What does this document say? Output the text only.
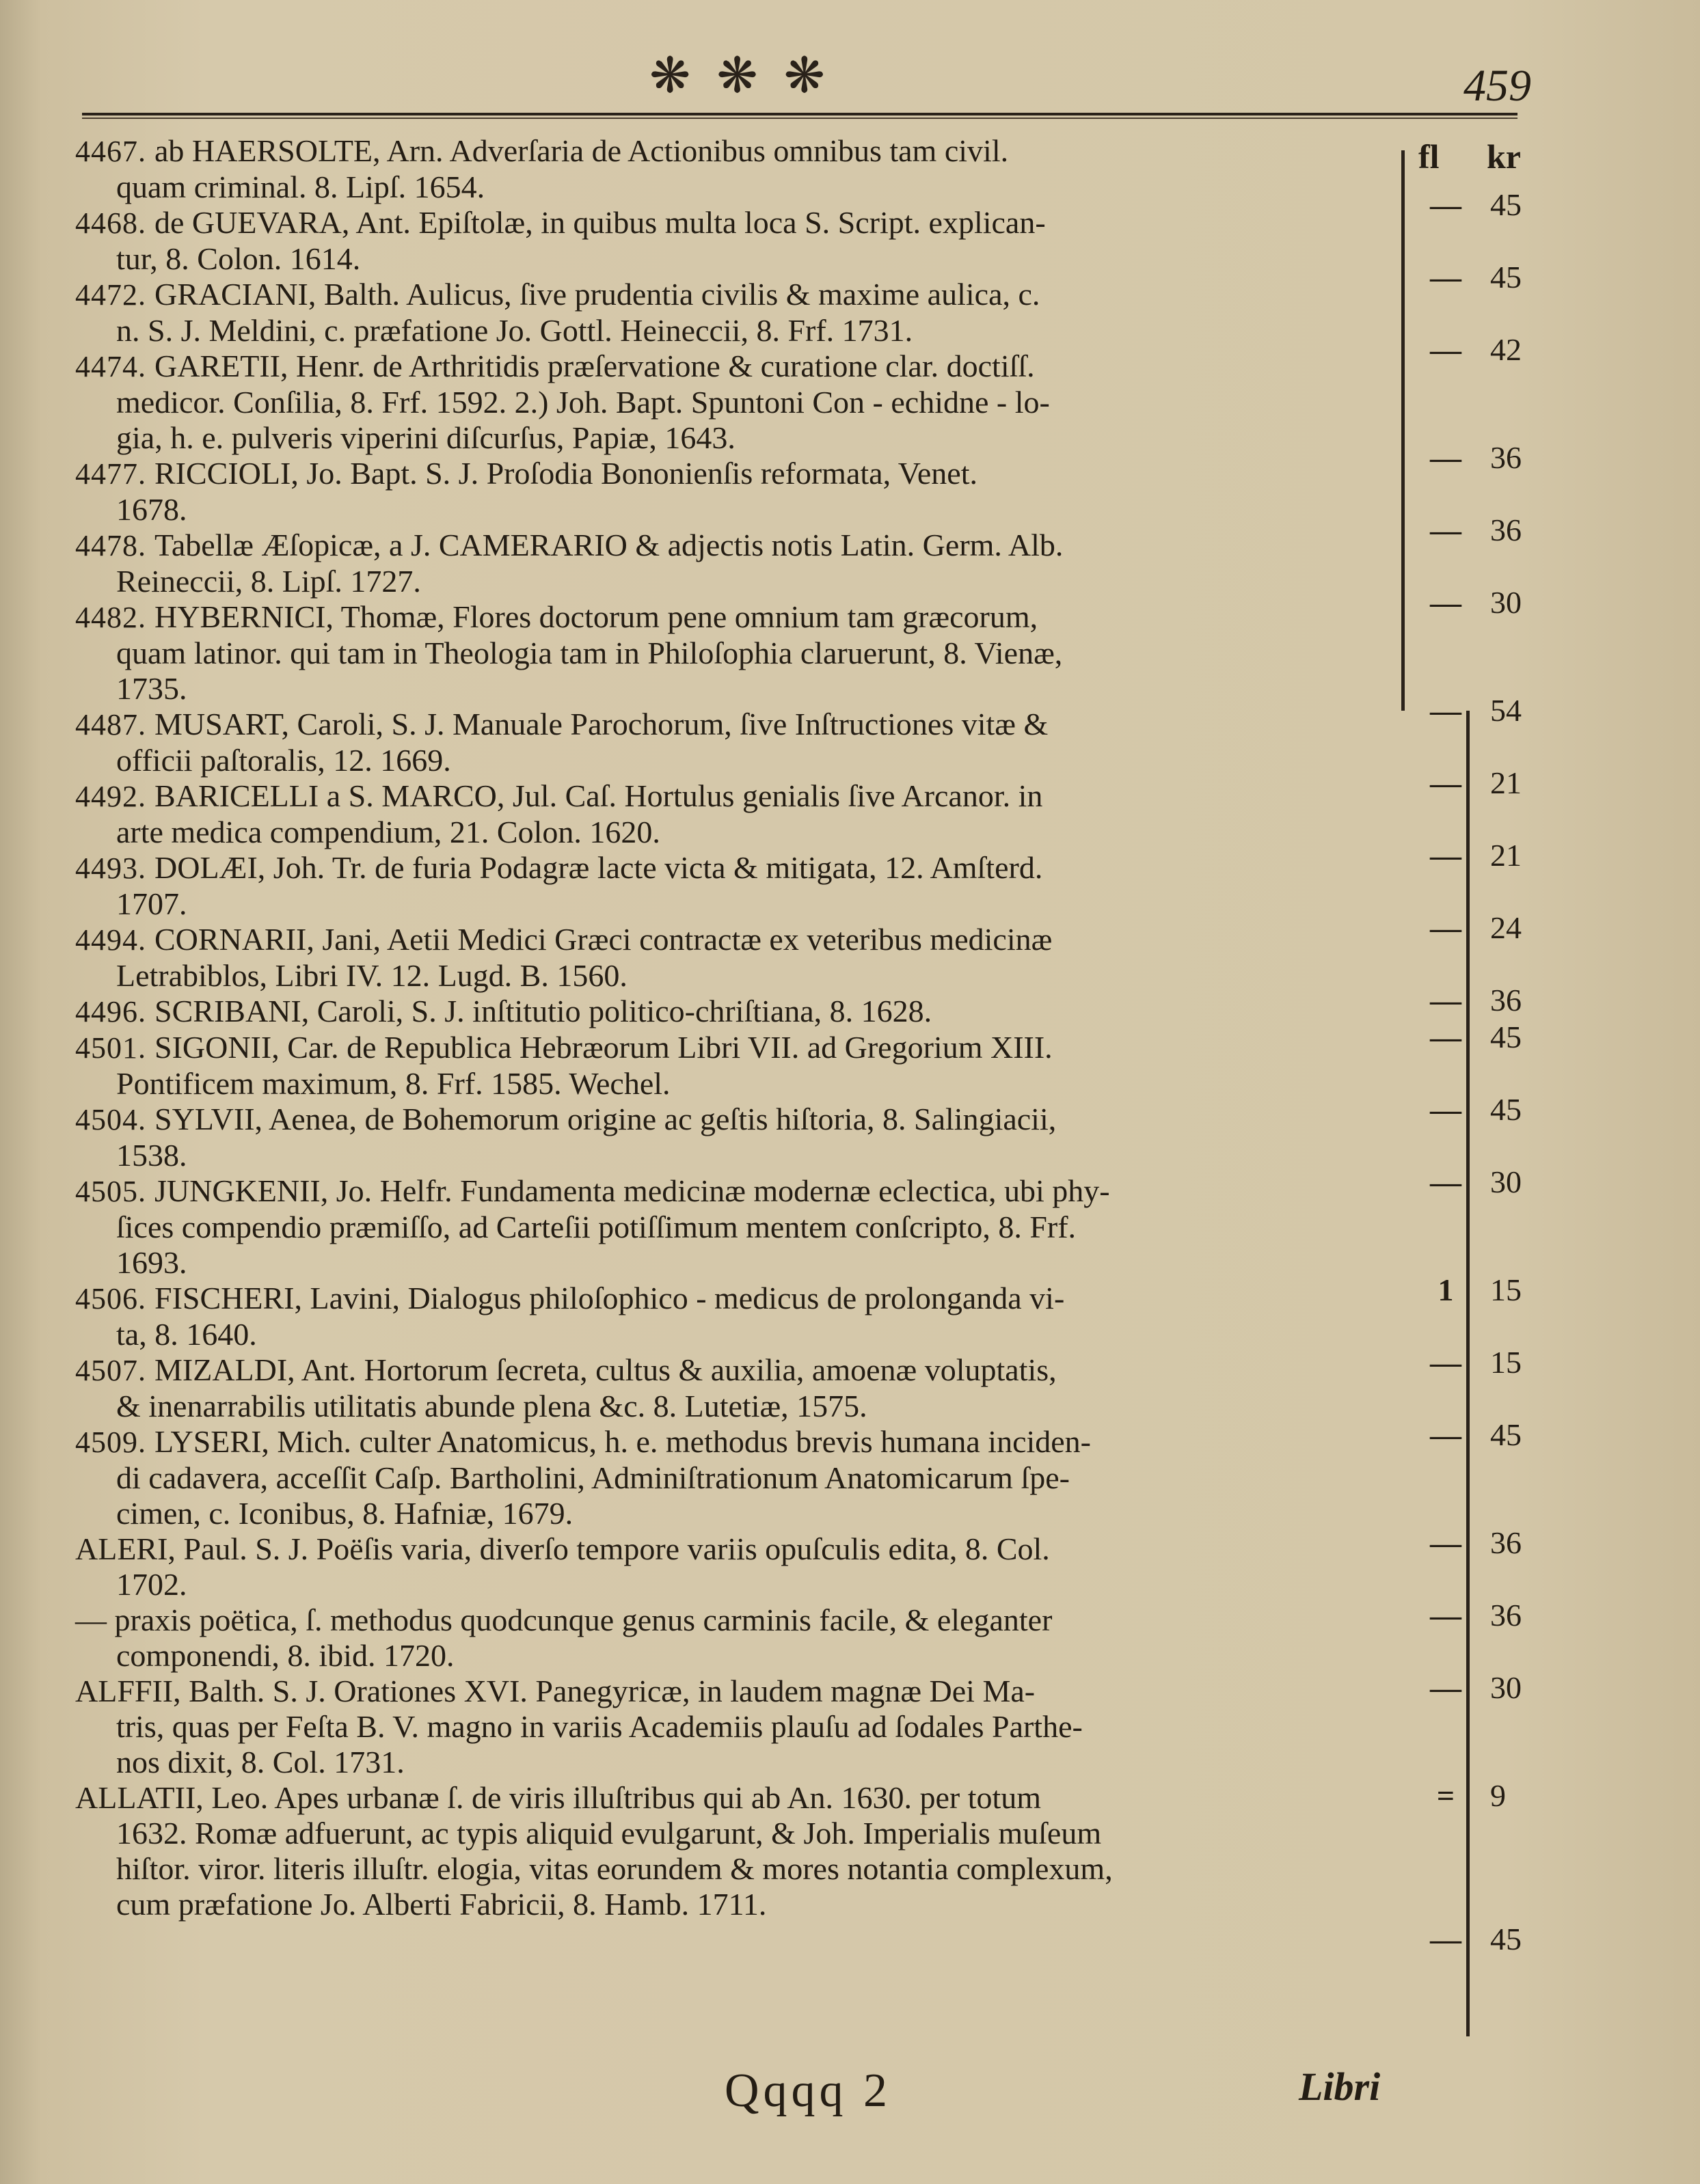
❋ ❋ ❋	459
fl kr

4467. ab HAERSOLTE, Arn. Adverſaria de Actionibus omnibus tam civil.

quam criminal. 8. Lipſ. 1654.

4468. de GUEVARA, Ant. Epiſtolæ, in quibus multa loca S. Script. explican-

tur, 8. Colon. 1614.

4472. GRACIANI, Balth. Aulicus, ſive prudentia civilis & maxime aulica, c.

n. S. J. Meldini, c. præfatione Jo. Gottl. Heineccii, 8. Frf. 1731.

4474. GARETII, Henr. de Arthritidis præſervatione & curatione clar. doctiſſ.

medicor. Conſilia, 8. Frf. 1592. 2.) Joh. Bapt. Spuntoni Con - echidne - lo-

gia, h. e. pulveris viperini diſcurſus, Papiæ, 1643.

4477. RICCIOLI, Jo. Bapt. S. J. Proſodia Bononienſis reformata, Venet.

1678.

4478. Tabellæ Æſopicæ, a J. CAMERARIO & adjectis notis Latin. Germ. Alb.

Reineccii, 8. Lipſ. 1727.

4482. HYBERNICI, Thomæ, Flores doctorum pene omnium tam græcorum,

quam latinor. qui tam in Theologia tam in Philoſophia claruerunt, 8. Vienæ,

1735.

4487. MUSART, Caroli, S. J. Manuale Parochorum, ſive Inſtructiones vitæ &

officii paſtoralis, 12. 1669.

4492. BARICELLI a S. MARCO, Jul. Caſ. Hortulus genialis ſive Arcanor. in

arte medica compendium, 21. Colon. 1620.

4493. DOLÆI, Joh. Tr. de furia Podagræ lacte victa & mitigata, 12. Amſterd.

1707.

4494. CORNARII, Jani, Aetii Medici Græci contractæ ex veteribus medicinæ

Letrabiblos, Libri IV. 12. Lugd. B. 1560.

4496. SCRIBANI, Caroli, S. J. inſtitutio politico-chriſtiana, 8. 1628.

4501. SIGONII, Car. de Republica Hebræorum Libri VII. ad Gregorium XIII.

Pontificem maximum, 8. Frf. 1585. Wechel.

4504. SYLVII, Aenea, de Bohemorum origine ac geſtis hiſtoria, 8. Salingiacii,

1538.

4505. JUNGKENII, Jo. Helfr. Fundamenta medicinæ modernæ eclectica, ubi phy-

ſices compendio præmiſſo, ad Carteſii potiſſimum mentem conſcripto, 8. Frf.

1693.

4506. FISCHERI, Lavini, Dialogus philoſophico - medicus de prolonganda vi-

ta, 8. 1640.

4507. MIZALDI, Ant. Hortorum ſecreta, cultus & auxilia, amoenæ voluptatis,

& inenarrabilis utilitatis abunde plena &c. 8. Lutetiæ, 1575.

4509. LYSERI, Mich. culter Anatomicus, h. e. methodus brevis humana inciden-

di cadavera, acceſſit Caſp. Bartholini, Adminiſtrationum Anatomicarum ſpe-

cimen, c. Iconibus, 8. Hafniæ, 1679.

ALERI, Paul. S. J. Poëſis varia, diverſo tempore variis opuſculis edita, 8. Col.

1702.

— praxis poëtica, ſ. methodus quodcunque genus carminis facile, & eleganter

componendi, 8. ibid. 1720.

ALFFII, Balth. S. J. Orationes XVI. Panegyricæ, in laudem magnæ Dei Ma-

tris, quas per Feſta B. V. magno in variis Academiis plauſu ad ſodales Parthe-

nos dixit, 8. Col. 1731.

ALLATII, Leo. Apes urbanæ ſ. de viris illuſtribus qui ab An. 1630. per totum

1632. Romæ adfuerunt, ac typis aliquid evulgarunt, & Joh. Imperialis muſeum

hiſtor. viror. literis illuſtr. elogia, vitas eorundem & mores notantia complexum,

cum præfatione Jo. Alberti Fabricii, 8. Hamb. 1711.

— 45
— 45
— 42
— 36
— 36
— 30
— 54
— 21
— 21
— 24
— 36
— 45
— 45
— 30
1 15
— 15
— 45
— 36
— 36
— 30
= 9
— 45
Qqqq 2	Libri
